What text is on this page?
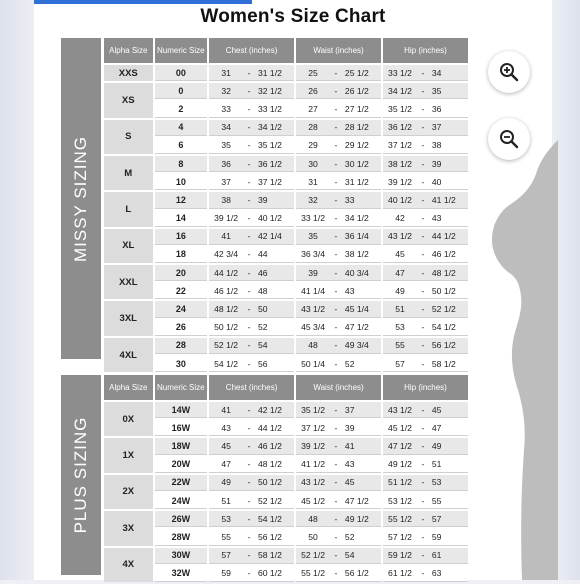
Women's Size Chart
MISSY SIZING
Alpha Size	Numeric Size	Chest (inches)	Waist (inches)	Hip (inches)
XXS	00	31 - 31 1/2	25 - 25 1/2	33 1/2 - 34

XS	0	32 - 32 1/2	26 - 26 1/2	34 1/2 - 35

	2	33 - 33 1/2	27 - 27 1/2	35 1/2 - 36

S	4	34 - 34 1/2	28 - 28 1/2	36 1/2 - 37

	6	35 - 35 1/2	29 - 29 1/2	37 1/2 - 38

M	8	36 - 36 1/2	30 - 30 1/2	38 1/2 - 39

	10	37 - 37 1/2	31 - 31 1/2	39 1/2 - 40

L	12	38 - 39	32 - 33	40 1/2 - 41 1/2

	14	39 1/2 - 40 1/2	33 1/2 - 34 1/2	42 - 43

XL	16	41 - 42 1/4	35 - 36 1/4	43 1/2 - 44 1/2

	18	42 3/4 - 44	36 3/4 - 38 1/2	45 - 46 1/2

XXL	20	44 1/2 - 46	39 - 40 3/4	47 - 48 1/2

	22	46 1/2 - 48	41 1/4 - 43	49 - 50 1/2

3XL	24	48 1/2 - 50	43 1/2 - 45 1/4	51 - 52 1/2

	26	50 1/2 - 52	45 3/4 - 47 1/2	53 - 54 1/2

4XL	28	52 1/2 - 54	48 - 49 3/4	55 - 56 1/2

	30	54 1/2 - 56	50 1/4 - 52	57 - 58 1/2
PLUS SIZING
Alpha Size	Numeric Size	Chest (inches)	Waist (inches)	Hip (inches)
0X	14W	41 - 42 1/2	35 1/2 - 37	43 1/2 - 45

	16W	43 - 44 1/2	37 1/2 - 39	45 1/2 - 47

1X	18W	45 - 46 1/2	39 1/2 - 41	47 1/2 - 49

	20W	47 - 48 1/2	41 1/2 - 43	49 1/2 - 51

2X	22W	49 - 50 1/2	43 1/2 - 45	51 1/2 - 53

	24W	51 - 52 1/2	45 1/2 - 47 1/2	53 1/2 - 55

3X	26W	53 - 54 1/2	48 - 49 1/2	55 1/2 - 57

	28W	55 - 56 1/2	50 - 52	57 1/2 - 59

4X	30W	57 - 58 1/2	52 1/2 - 54	59 1/2 - 61

	32W	59 - 60 1/2	55 1/2 - 56 1/2	61 1/2 - 63
